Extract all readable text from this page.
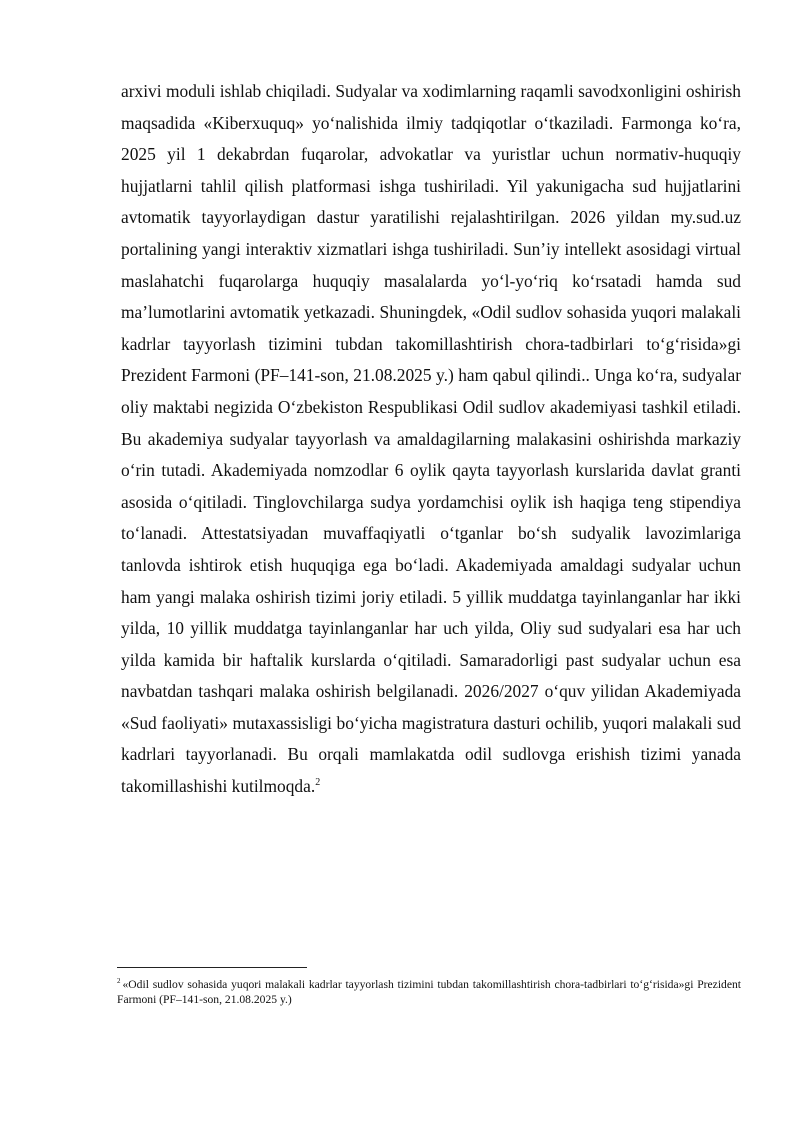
arxivi moduli ishlab chiqiladi. Sudyalar va xodimlarning raqamli savodxonligini oshirish maqsadida «Kiberxuquq» yo‘nalishida ilmiy tadqiqotlar o‘tkaziladi. Farmonga ko‘ra, 2025 yil 1 dekabrdan fuqarolar, advokatlar va yuristlar uchun normativ-huquqiy hujjatlarni tahlil qilish platformasi ishga tushiriladi. Yil yakunigacha sud hujjatlarini avtomatik tayyorlaydigan dastur yaratilishi rejalashtirilgan. 2026 yildan my.sud.uz portalining yangi interaktiv xizmatlari ishga tushiriladi. Sun’iy intellekt asosidagi virtual maslahatchi fuqarolarga huquqiy masalalarda yo‘l-yo‘riq ko‘rsatadi hamda sud ma’lumotlarini avtomatik yetkazadi. Shuningdek, «Odil sudlov sohasida yuqori malakali kadrlar tayyorlash tizimini tubdan takomillashtirish chora-tadbirlari to‘g‘risida»gi Prezident Farmoni (PF–141-son, 21.08.2025 y.) ham qabul qilindi.. Unga ko‘ra, sudyalar oliy maktabi negizida O‘zbekiston Respublikasi Odil sudlov akademiyasi tashkil etiladi. Bu akademiya sudyalar tayyorlash va amaldagilarning malakasini oshirishda markaziy o‘rin tutadi. Akademiyada nomzodlar 6 oylik qayta tayyorlash kurslarida davlat granti asosida o‘qitiladi. Tinglovchilarga sudya yordamchisi oylik ish haqiga teng stipendiya to‘lanadi. Attestatsiyadan muvaffaqiyatli o‘tganlar bo‘sh sudyalik lavozimlariga tanlovda ishtirok etish huquqiga ega bo‘ladi. Akademiyada amaldagi sudyalar uchun ham yangi malaka oshirish tizimi joriy etiladi. 5 yillik muddatga tayinlanganlar har ikki yilda, 10 yillik muddatga tayinlanganlar har uch yilda, Oliy sud sudyalari esa har uch yilda kamida bir haftalik kurslarda o‘qitiladi. Samaradorligi past sudyalar uchun esa navbatdan tashqari malaka oshirish belgilanadi. 2026/2027 o‘quv yilidan Akademiyada «Sud faoliyati» mutaxassisligi bo‘yicha magistratura dasturi ochilib, yuqori malakali sud kadrlari tayyorlanadi. Bu orqali mamlakatda odil sudlovga erishish tizimi yanada takomillashishi kutilmoqda.$^2$

$^2$ «Odil sudlov sohasida yuqori malakali kadrlar tayyorlash tizimini tubdan takomillashtirish chora-tadbirlari to‘g‘risida»gi Prezident Farmoni (PF–141-son, 21.08.2025 y.)
